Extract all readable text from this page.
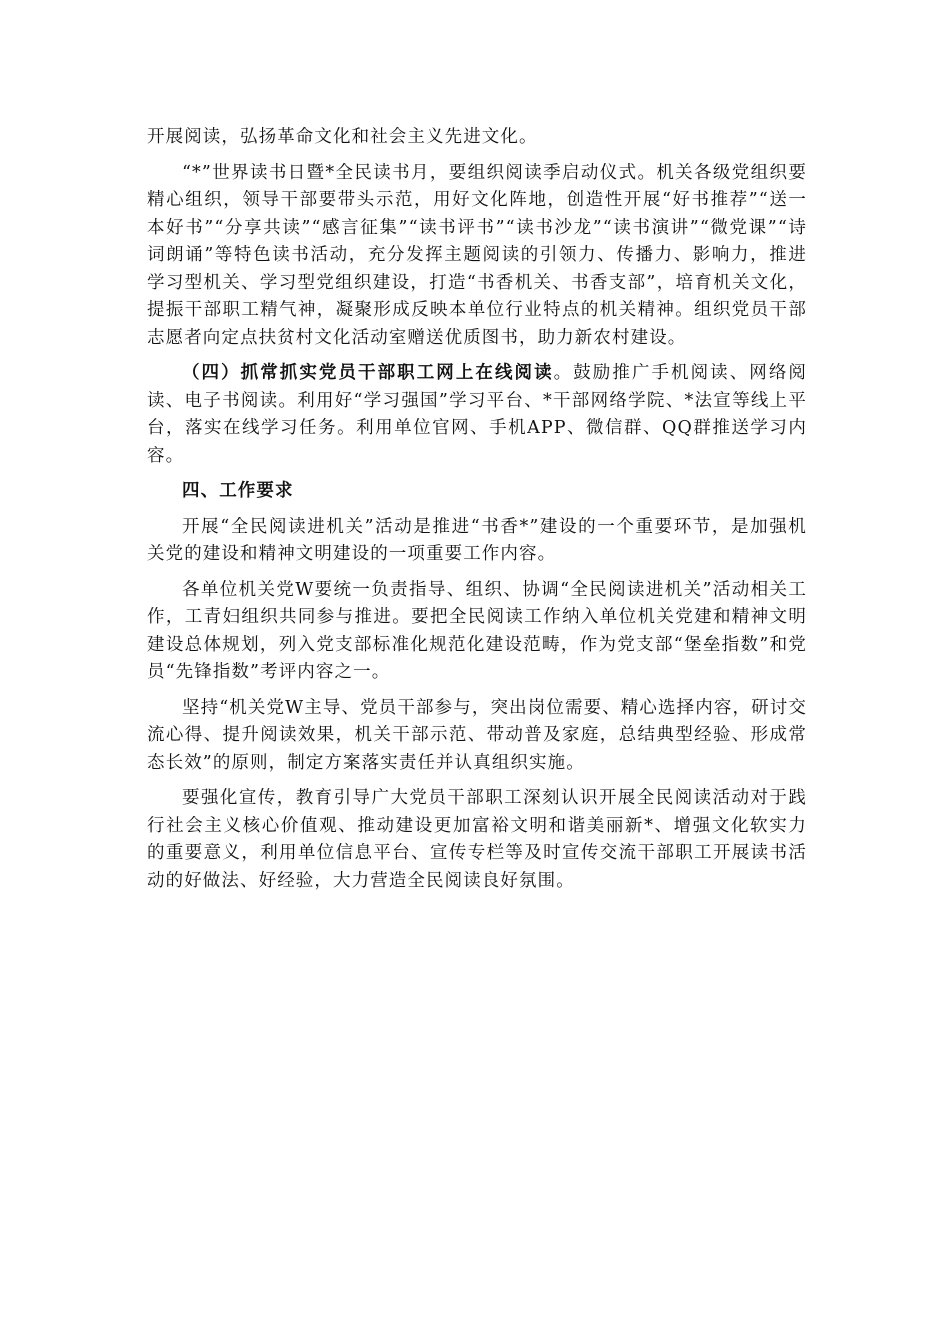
开展阅读，弘扬革命文化和社会主义先进文化。

“*”世界读书日暨*全民读书月，要组织阅读季启动仪式。机关各级党组织要精心组织，领导干部要带头示范，用好文化阵地，创造性开展“好书推荐”“送一本好书”“分享共读”“感言征集”“读书评书”“读书沙龙”“读书演讲”“微党课”“诗词朗诵”等特色读书活动，充分发挥主题阅读的引领力、传播力、影响力，推进学习型机关、学习型党组织建设，打造“书香机关、书香支部”，培育机关文化，提振干部职工精气神，凝聚形成反映本单位行业特点的机关精神。组织党员干部志愿者向定点扶贫村文化活动室赠送优质图书，助力新农村建设。

（四）抓常抓实党员干部职工网上在线阅读。鼓励推广手机阅读、网络阅读、电子书阅读。利用好“学习强国”学习平台、*干部网络学院、*法宣等线上平台，落实在线学习任务。利用单位官网、手机APP、微信群、QQ群推送学习内容。

四、工作要求

开展“全民阅读进机关”活动是推进“书香*”建设的一个重要环节，是加强机关党的建设和精神文明建设的一项重要工作内容。

各单位机关党W要统一负责指导、组织、协调“全民阅读进机关”活动相关工作，工青妇组织共同参与推进。要把全民阅读工作纳入单位机关党建和精神文明建设总体规划，列入党支部标准化规范化建设范畴，作为党支部“堡垒指数”和党员“先锋指数”考评内容之一。

坚持“机关党W主导、党员干部参与，突出岗位需要、精心选择内容，研讨交流心得、提升阅读效果，机关干部示范、带动普及家庭，总结典型经验、形成常态长效”的原则，制定方案落实责任并认真组织实施。

要强化宣传，教育引导广大党员干部职工深刻认识开展全民阅读活动对于践行社会主义核心价值观、推动建设更加富裕文明和谐美丽新*、增强文化软实力的重要意义，利用单位信息平台、宣传专栏等及时宣传交流干部职工开展读书活动的好做法、好经验，大力营造全民阅读良好氛围。
